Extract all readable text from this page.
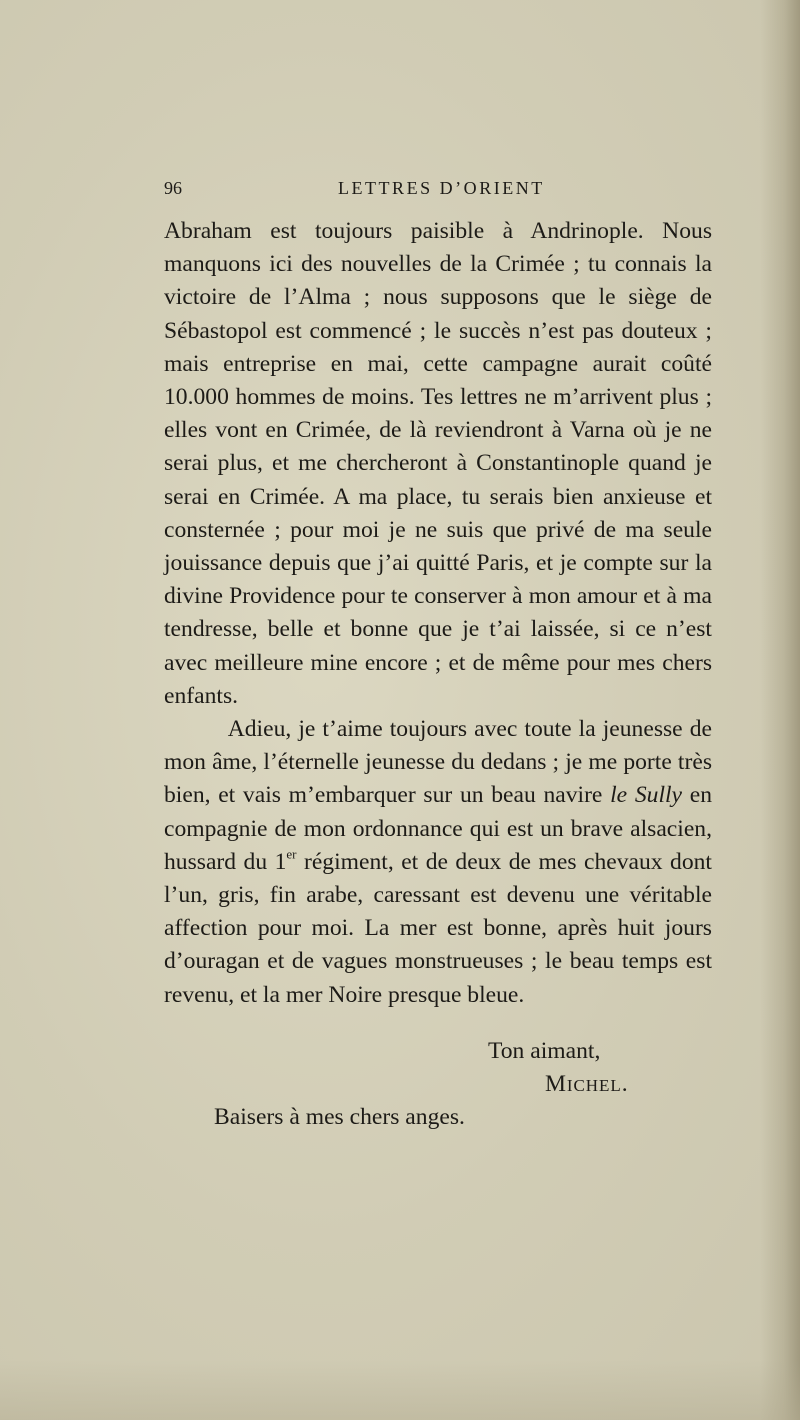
96	LETTRES D’ORIENT

Abraham est toujours paisible à Andrinople. Nous manquons ici des nouvelles de la Crimée ; tu connais la victoire de l’Alma ; nous supposons que le siège de Sébastopol est commencé ; le succès n’est pas douteux ; mais entreprise en mai, cette campagne aurait coûté 10.000 hommes de moins. Tes lettres ne m’arrivent plus ; elles vont en Crimée, de là reviendront à Varna où je ne serai plus, et me chercheront à Constantinople quand je serai en Crimée. A ma place, tu serais bien anxieuse et consternée ; pour moi je ne suis que privé de ma seule jouissance depuis que j’ai quitté Paris, et je compte sur la divine Providence pour te conserver à mon amour et à ma tendresse, belle et bonne que je t’ai laissée, si ce n’est avec meilleure mine encore ; et de même pour mes chers enfants.

Adieu, je t’aime toujours avec toute la jeunesse de mon âme, l’éternelle jeunesse du dedans ; je me porte très bien, et vais m’embarquer sur un beau navire le Sully en compagnie de mon ordonnance qui est un brave alsacien, hussard du 1er régiment, et de deux de mes chevaux dont l’un, gris, fin arabe, caressant est devenu une véritable affection pour moi. La mer est bonne, après huit jours d’ouragan et de vagues monstrueuses ; le beau temps est revenu, et la mer Noire presque bleue.

Ton aimant,
Michel.
Baisers à mes chers anges.
